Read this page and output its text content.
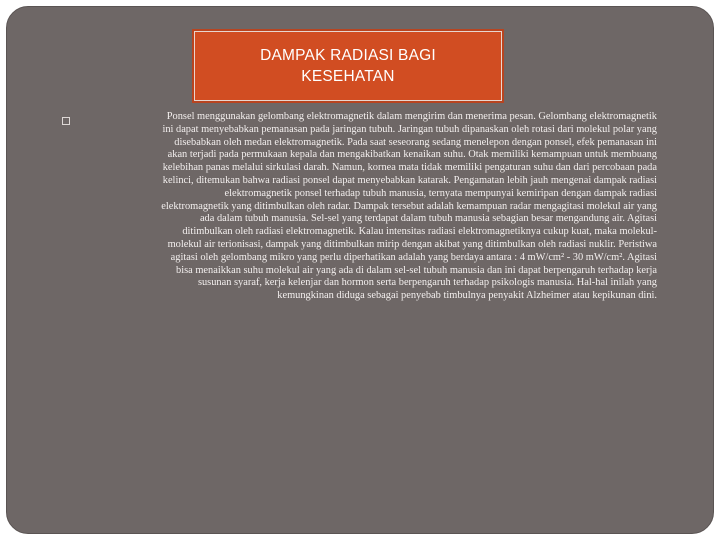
DAMPAK RADIASI BAGI
KESEHATAN

Ponsel menggunakan gelombang elektromagnetik dalam mengirim dan menerima pesan. Gelombang elektromagnetik
ini dapat menyebabkan pemanasan pada jaringan tubuh. Jaringan tubuh dipanaskan oleh rotasi dari molekul polar yang
disebabkan oleh medan elektromagnetik. Pada saat seseorang sedang menelepon dengan ponsel, efek pemanasan ini
akan terjadi pada permukaan kepala dan mengakibatkan kenaikan suhu. Otak memiliki kemampuan untuk membuang
kelebihan panas melalui sirkulasi darah. Namun, kornea mata tidak memiliki pengaturan suhu dan dari percobaan pada
kelinci, ditemukan bahwa radiasi ponsel dapat menyebabkan katarak. Pengamatan lebih jauh mengenai dampak radiasi
elektromagnetik ponsel terhadap tubuh manusia, ternyata mempunyai kemiripan dengan dampak radiasi
elektromagnetik yang ditimbulkan oleh radar. Dampak tersebut adalah kemampuan radar mengagitasi molekul air yang
ada dalam tubuh manusia. Sel-sel yang terdapat dalam tubuh manusia sebagian besar mengandung air. Agitasi
ditimbulkan oleh radiasi elektromagnetik. Kalau intensitas radiasi elektromagnetiknya cukup kuat, maka molekul-
molekul air terionisasi, dampak yang ditimbulkan mirip dengan akibat yang ditimbulkan oleh radiasi nuklir. Peristiwa
agitasi oleh gelombang mikro yang perlu diperhatikan adalah yang berdaya antara : 4 mW/cm² - 30 mW/cm². Agitasi
bisa menaikkan suhu molekul air yang ada di dalam sel-sel tubuh manusia dan ini dapat berpengaruh terhadap kerja
susunan syaraf, kerja kelenjar dan hormon serta berpengaruh terhadap psikologis manusia. Hal-hal inilah yang
kemungkinan diduga sebagai penyebab timbulnya penyakit Alzheimer atau kepikunan dini.
